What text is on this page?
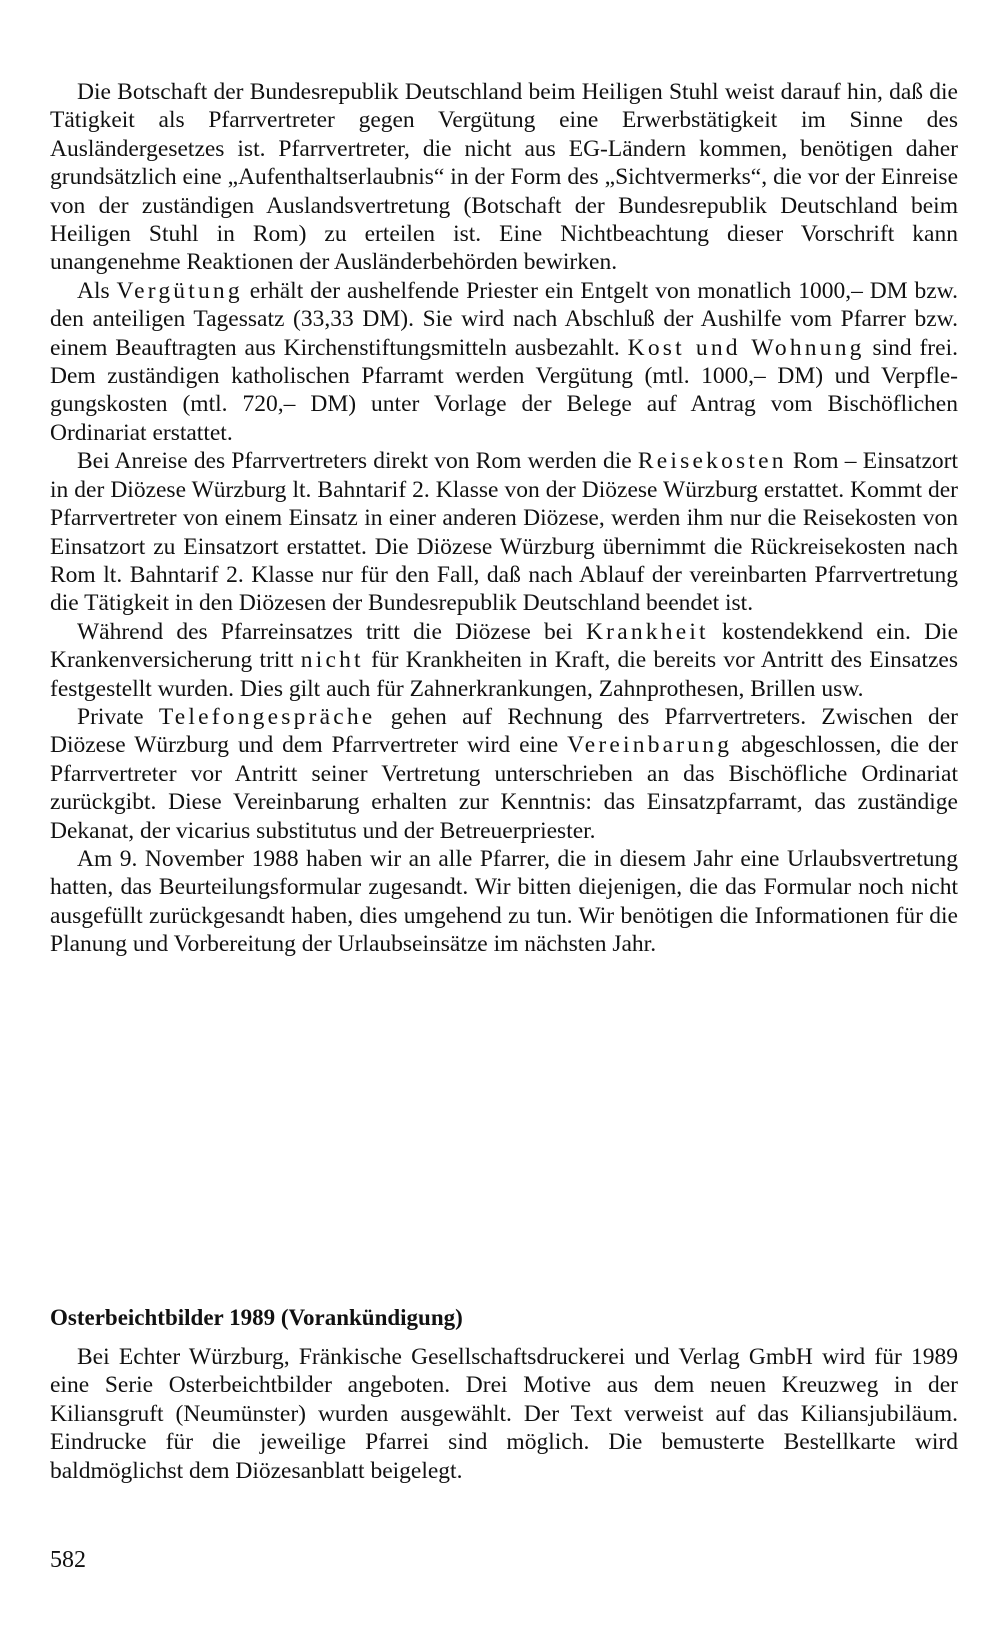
Die Botschaft der Bundesrepublik Deutschland beim Heiligen Stuhl weist darauf hin, daß die Tätigkeit als Pfarrvertreter gegen Vergütung eine Erwerbstätigkeit im Sinne des Ausländergesetzes ist. Pfarrvertreter, die nicht aus EG-Ländern kommen, benötigen daher grundsätzlich eine „Aufenthaltserlaubnis“ in der Form des „Sichtvermerks“, die vor der Einreise von der zuständigen Auslandsvertretung (Botschaft der Bundesrepublik Deutschland beim Heiligen Stuhl in Rom) zu erteilen ist. Eine Nichtbeachtung dieser Vorschrift kann unangenehme Reaktionen der Ausländerbehörden bewirken.

Als Vergütung erhält der aushelfende Priester ein Entgelt von monatlich 1000,– DM bzw. den anteiligen Tagessatz (33,33 DM). Sie wird nach Abschluß der Aushilfe vom Pfarrer bzw. einem Beauftragten aus Kirchenstiftungsmitteln ausbezahlt. Kost und Wohnung sind frei. Dem zuständigen katholischen Pfarramt werden Vergütung (mtl. 1000,– DM) und Verpflegungskosten (mtl. 720,– DM) unter Vorlage der Belege auf Antrag vom Bischöflichen Ordinariat erstattet.

Bei Anreise des Pfarrvertreters direkt von Rom werden die Reisekosten Rom – Einsatzort in der Diözese Würzburg lt. Bahntarif 2. Klasse von der Diözese Würzburg erstattet. Kommt der Pfarrvertreter von einem Einsatz in einer anderen Diözese, werden ihm nur die Reisekosten von Einsatzort zu Einsatzort erstattet. Die Diözese Würzburg übernimmt die Rückreisekosten nach Rom lt. Bahntarif 2. Klasse nur für den Fall, daß nach Ablauf der vereinbarten Pfarrvertretung die Tätigkeit in den Diözesen der Bundesrepublik Deutschland beendet ist.

Während des Pfarreinsatzes tritt die Diözese bei Krankheit kostendekkend ein. Die Krankenversicherung tritt nicht für Krankheiten in Kraft, die bereits vor Antritt des Einsatzes festgestellt wurden. Dies gilt auch für Zahnerkrankungen, Zahnprothesen, Brillen usw.

Private Telefongespräche gehen auf Rechnung des Pfarrvertreters. Zwischen der Diözese Würzburg und dem Pfarrvertreter wird eine Vereinbarung abgeschlossen, die der Pfarrvertreter vor Antritt seiner Vertretung unterschrieben an das Bischöfliche Ordinariat zurückgibt. Diese Vereinbarung erhalten zur Kenntnis: das Einsatzpfarramt, das zuständige Dekanat, der vicarius substitutus und der Betreuerpriester.

Am 9. November 1988 haben wir an alle Pfarrer, die in diesem Jahr eine Urlaubsvertretung hatten, das Beurteilungsformular zugesandt. Wir bitten diejenigen, die das Formular noch nicht ausgefüllt zurückgesandt haben, dies umgehend zu tun. Wir benötigen die Informationen für die Planung und Vorbereitung der Urlaubseinsätze im nächsten Jahr.

Osterbeichtbilder 1989 (Vorankündigung)

Bei Echter Würzburg, Fränkische Gesellschaftsdruckerei und Verlag GmbH wird für 1989 eine Serie Osterbeichtbilder angeboten. Drei Motive aus dem neuen Kreuzweg in der Kiliansgruft (Neumünster) wurden ausgewählt. Der Text verweist auf das Kiliansjubiläum. Eindrucke für die jeweilige Pfarrei sind möglich. Die bemusterte Bestellkarte wird baldmöglichst dem Diözesanblatt beigelegt.

582
